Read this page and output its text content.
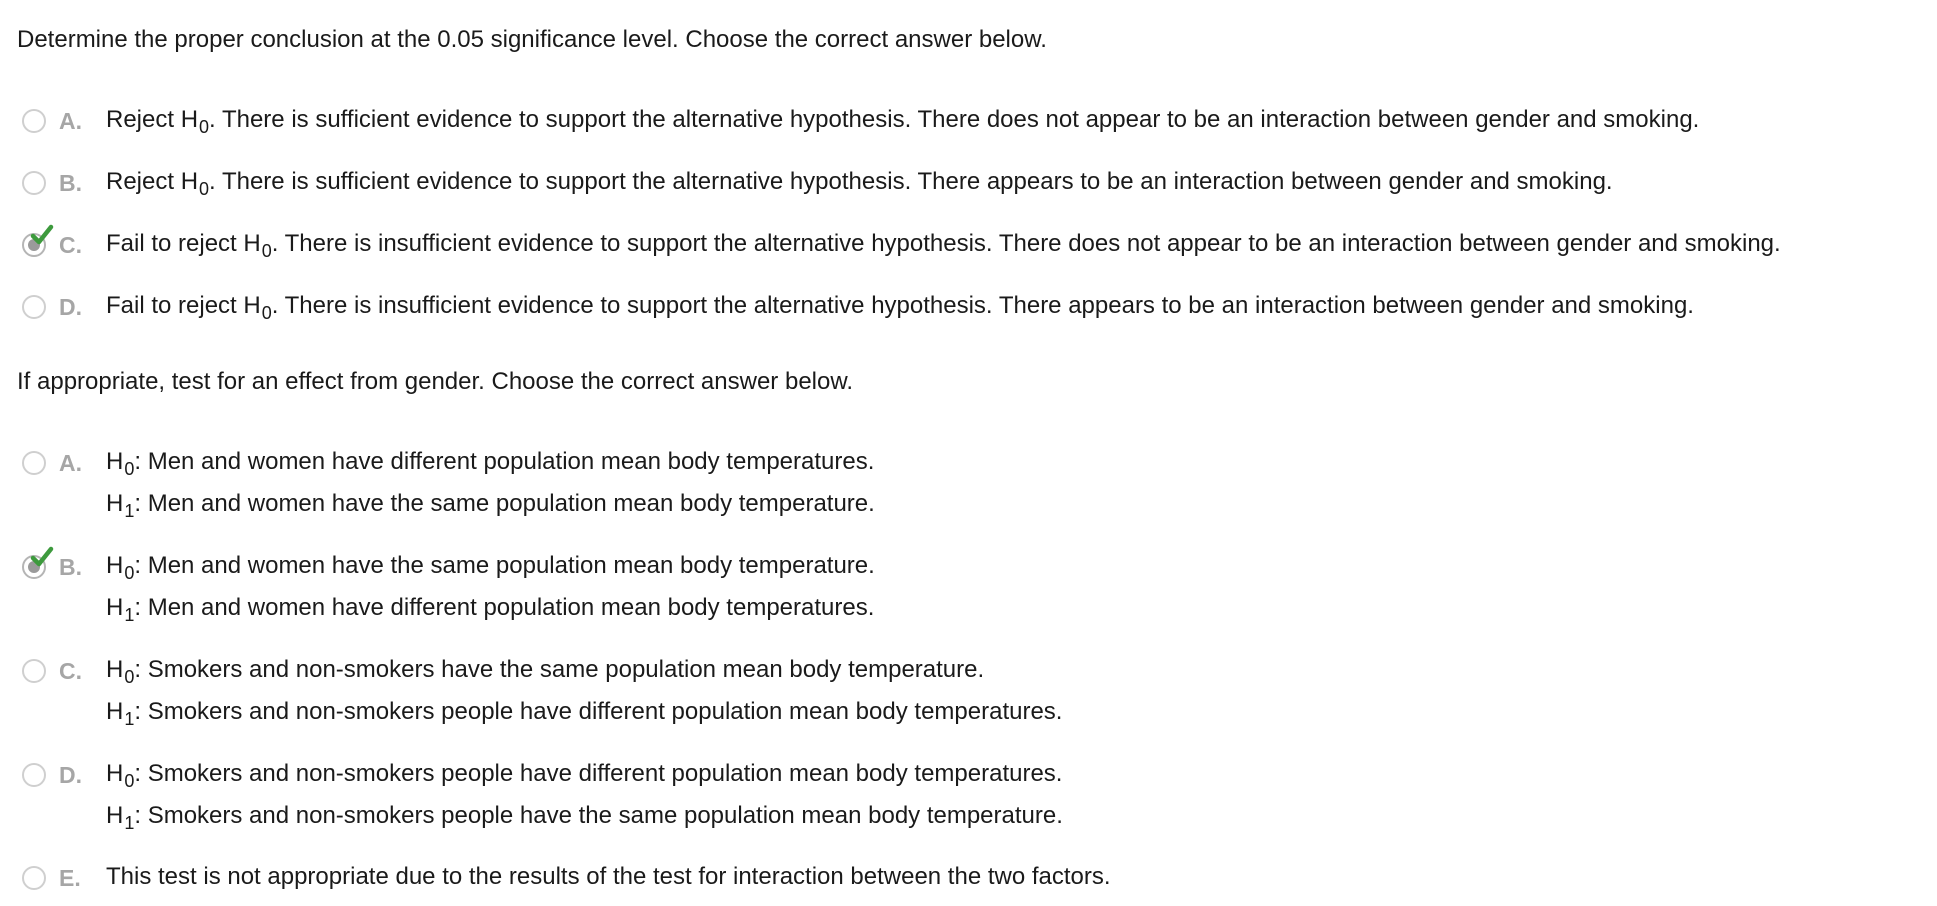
Determine the proper conclusion at the 0.05 significance level. Choose the correct answer below.
A. Reject $H_0$. There is sufficient evidence to support the alternative hypothesis. There does not appear to be an interaction between gender and smoking.
B. Reject $H_0$. There is sufficient evidence to support the alternative hypothesis. There appears to be an interaction between gender and smoking.
C. Fail to reject $H_0$. There is insufficient evidence to support the alternative hypothesis. There does not appear to be an interaction between gender and smoking.
D. Fail to reject $H_0$. There is insufficient evidence to support the alternative hypothesis. There appears to be an interaction between gender and smoking.
If appropriate, test for an effect from gender. Choose the correct answer below.
A. $H_0$: Men and women have different population mean body temperatures.
$H_1$: Men and women have the same population mean body temperature.
B. $H_0$: Men and women have the same population mean body temperature.
$H_1$: Men and women have different population mean body temperatures.
C. $H_0$: Smokers and non-smokers have the same population mean body temperature.
$H_1$: Smokers and non-smokers people have different population mean body temperatures.
D. $H_0$: Smokers and non-smokers people have different population mean body temperatures.
$H_1$: Smokers and non-smokers people have the same population mean body temperature.
E. This test is not appropriate due to the results of the test for interaction between the two factors.
